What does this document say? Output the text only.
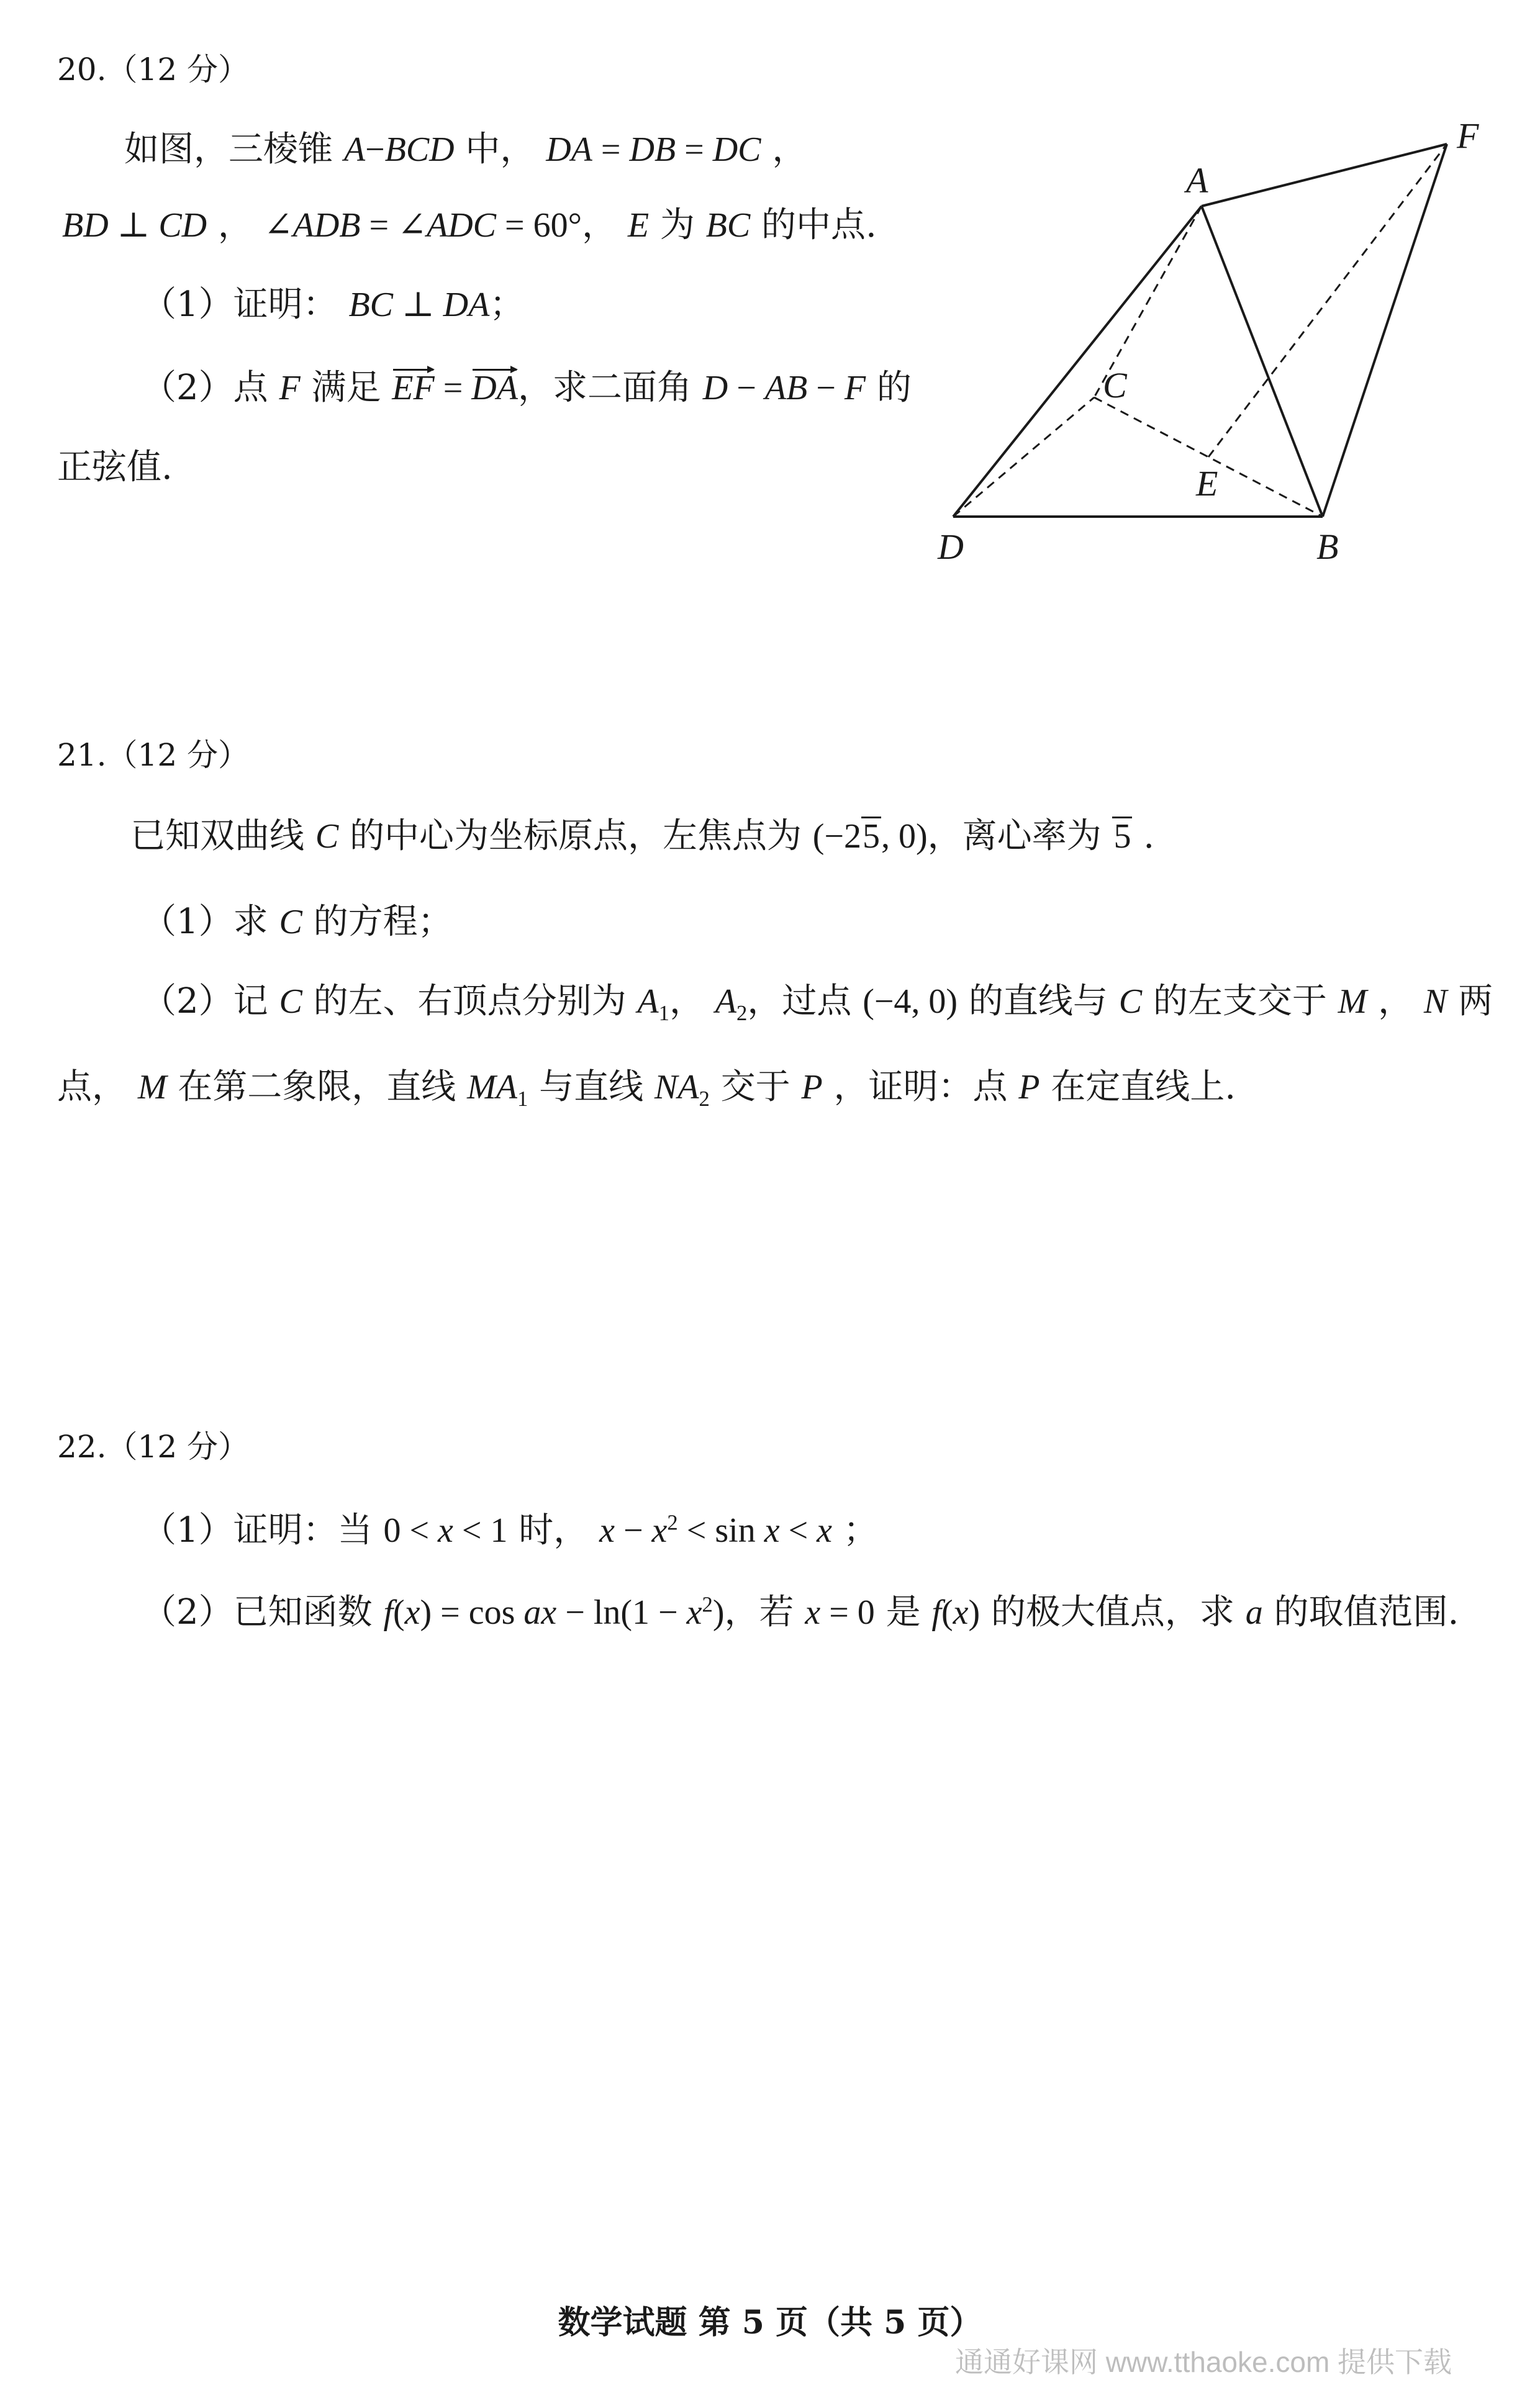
20.（12 分）
如图，三棱锥 A−BCD 中， DA = DB = DC ，
BD ⊥ CD ， ∠ADB = ∠ADC = 60°， E 为 BC 的中点.
（1）证明： BC ⊥ DA；
（2）点 F 满足 EF = DA，求二面角 D − AB − F 的
正弦值.
A
F
C
E
D	B
21.（12 分）
已知双曲线 C 的中心为坐标原点，左焦点为 (−25, 0)，离心率为 5 .
（1）求 C 的方程；
（2）记 C 的左、右顶点分别为 $A_1$， $A_2$，过点 (−4, 0) 的直线与 C 的左支交于 M ， N 两
点， M 在第二象限，直线 $MA_1$ 与直线 $NA_2$ 交于 P ，证明：点 P 在定直线上.
22.（12 分）
（1）证明：当 0 < x < 1 时， $x - x^2 < \sin x < x$ ；
（2）已知函数 f(x) = cos ax − $\ln(1 - x^2)$，若 x = 0 是 f(x) 的极大值点，求 a 的取值范围.
数学试题 第 5 页（共 5 页）
通通好课网 www.tthaoke.com 提供下载
